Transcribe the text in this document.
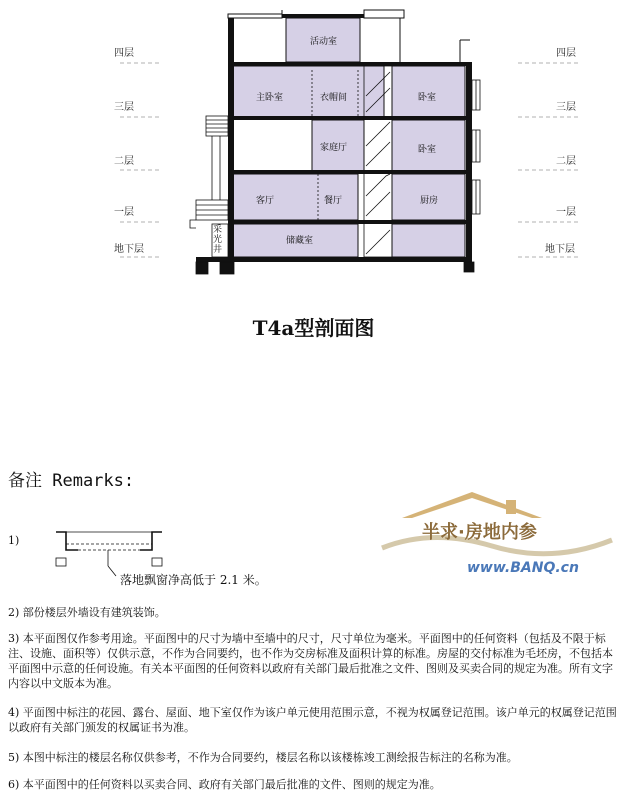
活动室
主卧室	衣帽间	卧室
家庭厅	卧室
客厅	餐厅	厨房
储藏室
采光井
四层
三层
二层
一层
地下层
四层
三层
二层
一层
地下层
T4a型剖面图
备注 Remarks:
1)
落地飘窗净高低于 2.1 米。
2) 部份楼层外墙设有建筑装饰。
3) 本平面图仅作参考用途。平面图中的尺寸为墙中至墙中的尺寸，尺寸单位为毫米。平面图中的任何资料（包括及不限于标注、设施、面积等）仅供示意，不作为合同要约，也不作为交房标准及面积计算的标准。房屋的交付标准为毛坯房，不包括本平面图中示意的任何设施。有关本平面图的任何资料以政府有关部门最后批准之文件、图则及买卖合同的规定为准。所有文字内容以中文版本为准。
4) 平面图中标注的花园、露台、屋面、地下室仅作为该户单元使用范围示意，不视为权属登记范围。该户单元的权属登记范围以政府有关部门颁发的权属证书为准。
5) 本图中标注的楼层名称仅供参考，不作为合同要约，楼层名称以该楼栋竣工测绘报告标注的名称为准。
6) 本平面图中的任何资料以买卖合同、政府有关部门最后批准的文件、图则的规定为准。
半求·房地内参
www.BANQ.cn
